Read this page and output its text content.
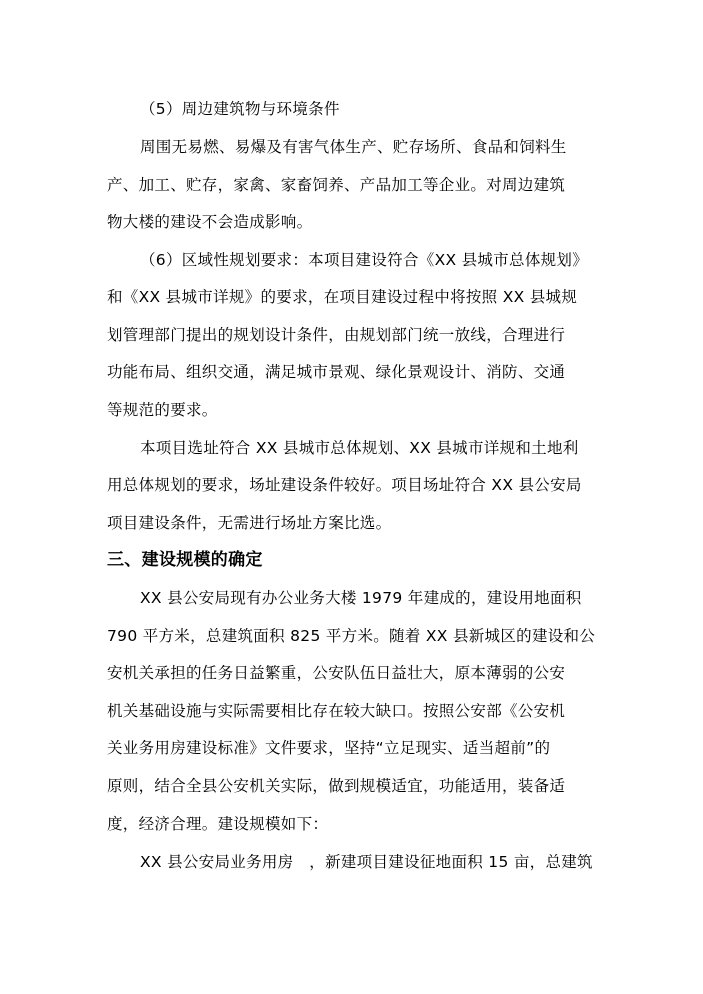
（5）周边建筑物与环境条件
周围无易燃、易爆及有害气体生产、贮存场所、食品和饲料生
产、加工、贮存，家禽、家畜饲养、产品加工等企业。对周边建筑
物大楼的建设不会造成影响。
（6）区域性规划要求：本项目建设符合《XX 县城市总体规划》
和《XX 县城市详规》的要求，在项目建设过程中将按照 XX 县城规
划管理部门提出的规划设计条件，由规划部门统一放线，合理进行
功能布局、组织交通，满足城市景观、绿化景观设计、消防、交通
等规范的要求。
本项目选址符合 XX 县城市总体规划、XX 县城市详规和土地利
用总体规划的要求，场址建设条件较好。项目场址符合 XX 县公安局
项目建设条件，无需进行场址方案比选。
三、建设规模的确定
XX 县公安局现有办公业务大楼 1979 年建成的，建设用地面积
790 平方米，总建筑面积 825 平方米。随着 XX 县新城区的建设和公
安机关承担的任务日益繁重，公安队伍日益壮大，原本薄弱的公安
机关基础设施与实际需要相比存在较大缺口。按照公安部《公安机
关业务用房建设标准》文件要求，坚持“立足现实、适当超前”的
原则，结合全县公安机关实际，做到规模适宜，功能适用，装备适
度，经济合理。建设规模如下：
XX 县公安局业务用房　，新建项目建设征地面积 15 亩，总建筑
